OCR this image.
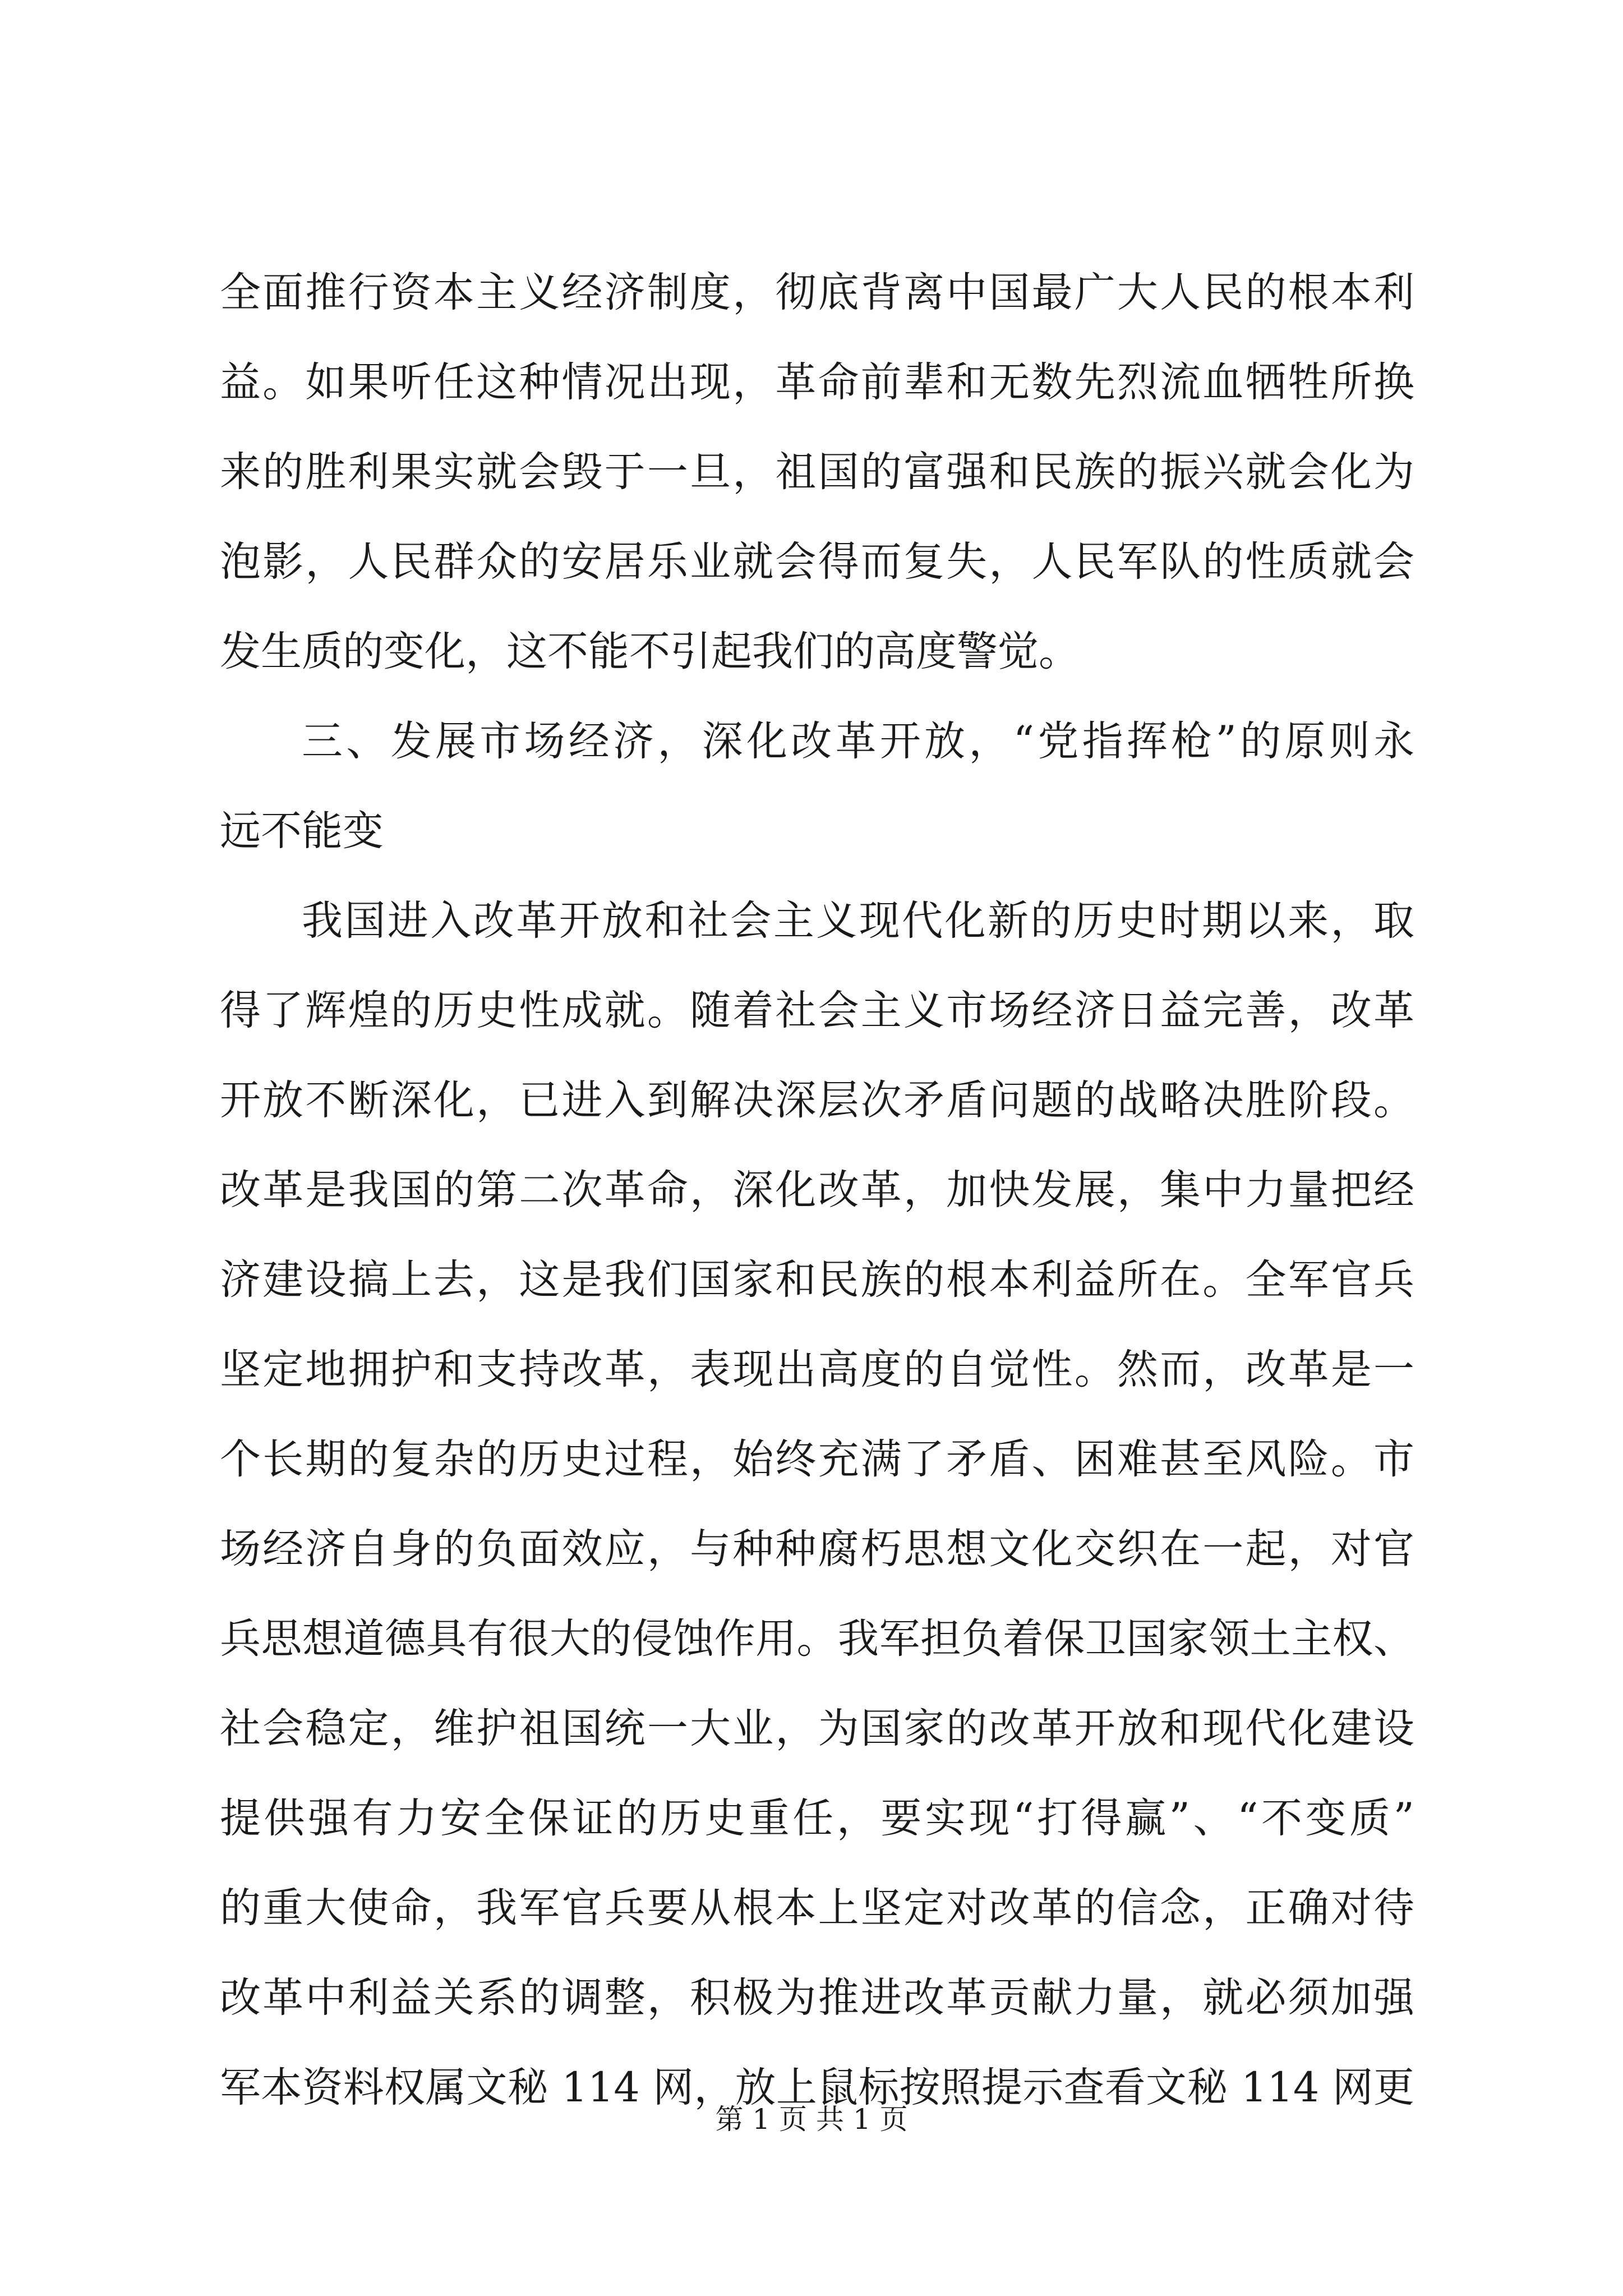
全面推行资本主义经济制度，彻底背离中国最广大人民的根本利
益。如果听任这种情况出现，革命前辈和无数先烈流血牺牲所换
来的胜利果实就会毁于一旦，祖国的富强和民族的振兴就会化为
泡影，人民群众的安居乐业就会得而复失，人民军队的性质就会
发生质的变化，这不能不引起我们的高度警觉。
三、发展市场经济，深化改革开放，“党指挥枪”的原则永
远不能变
我国进入改革开放和社会主义现代化新的历史时期以来，取
得了辉煌的历史性成就。随着社会主义市场经济日益完善，改革
开放不断深化，已进入到解决深层次矛盾问题的战略决胜阶段。
改革是我国的第二次革命，深化改革，加快发展，集中力量把经
济建设搞上去，这是我们国家和民族的根本利益所在。全军官兵
坚定地拥护和支持改革，表现出高度的自觉性。然而，改革是一
个长期的复杂的历史过程，始终充满了矛盾、困难甚至风险。市
场经济自身的负面效应，与种种腐朽思想文化交织在一起，对官
兵思想道德具有很大的侵蚀作用。我军担负着保卫国家领土主权、
社会稳定，维护祖国统一大业，为国家的改革开放和现代化建设
提供强有力安全保证的历史重任，要实现“打得赢”、“不变质”
的重大使命，我军官兵要从根本上坚定对改革的信念，正确对待
改革中利益关系的调整，积极为推进改革贡献力量，就必须加强
军本资料权属文秘 114 网，放上鼠标按照提示查看文秘 114 网更
第 1 页 共 1 页
